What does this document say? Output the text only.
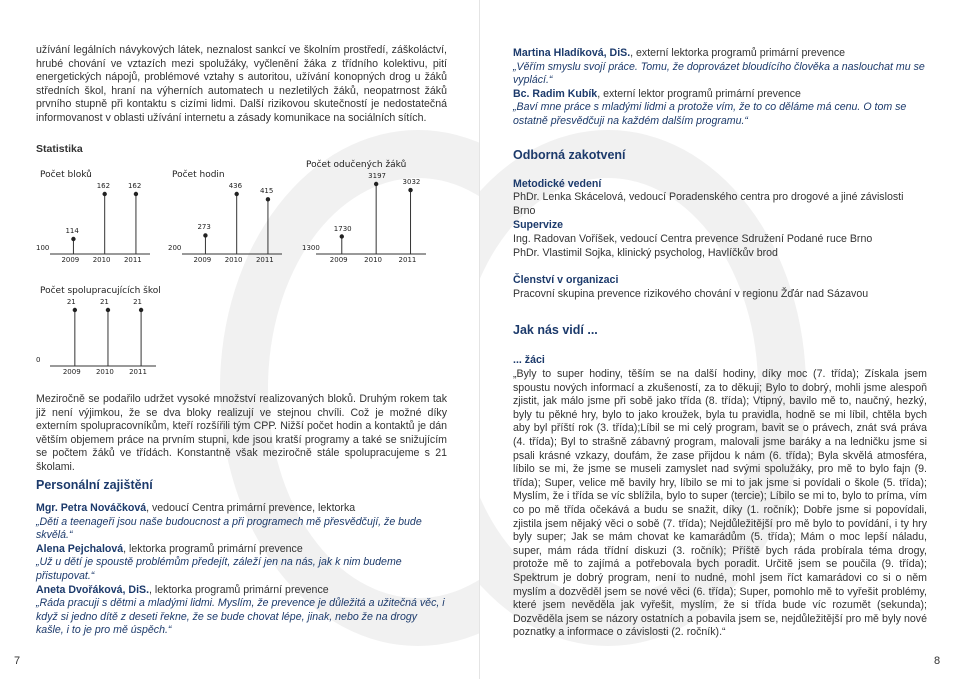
užívání legálních návykových látek, neznalost sankcí ve školním prostředí, záškoláctví, hrubé chování ve vztazích mezi spolužáky, vyčlenění žáka z třídního kolektivu, pití energetických nápojů, problémové vztahy s autoritou, užívání konopných drog u žáků středních škol, hraní na výherních automatech u nezletilých žáků, neopatrnost žáků prvního stupně při kontaktu s cizími lidmi. Další rizikovou skutečností je nedostatečná informovanost v oblasti užívání internetu a zásady komunikace na sociálních sítích.

Statistika
Počet bloků
100
114
2009
162
2010
162
2011
Počet hodin
200
273
2009
436
2010
415
2011
Počet odučených žáků
1300
1730
2009
3197
2010
3032
2011
Počet spolupracujících škol
0
21
2009
21
2010
21
2011

Meziročně se podařilo udržet vysoké množství realizovaných bloků. Druhým rokem tak již není výjimkou, že se dva bloky realizují ve stejnou chvíli. Což je možné díky externím spolupracovníkům, kteří rozšířili tým CPP. Nižší počet hodin a kontaktů je dán větším objemem práce na prvním stupni, kde jsou kratší programy a také se snižujícím se počtem žáků ve třídách. Konstantně však meziročně stále spolupracujeme s 21 školami.

Personální zajištění

Mgr. Petra Nováčková, vedoucí Centra primární prevence, lektorka

„Děti a teenageři jsou naše budoucnost a při programech mě přesvědčují, že bude skvělá.“

Alena Pejchalová, lektorka programů primární prevence

„Už u dětí je spoustě problémům předejít, záleží jen na nás, jak k nim budeme přistupovat.“

Aneta Dvořáková, DiS., lektorka programů primární prevence

„Ráda pracuji s dětmi a mladými lidmi. Myslím, že prevence je důležitá a užitečná věc, i když si jedno dítě z deseti řekne, že se bude chovat lépe, jinak, nebo že na drogy kašle, i to je pro mě úspěch.“

7

Martina Hladíková, DiS., externí lektorka programů primární prevence

„Věřím smyslu svojí práce. Tomu, že doprovázet bloudícího člověka a naslouchat mu se vyplácí.“

Bc. Radim Kubík, externí lektor programů primární prevence

„Baví mne práce s mladými lidmi a protože vím, že to co děláme má cenu. O tom se ostatně přesvědčuji na každém dalším programu.“

Odborná zakotvení
Metodické vedení
PhDr. Lenka Skácelová, vedoucí Poradenského centra pro drogové a jiné závislosti Brno
Supervize
Ing. Radovan Voříšek, vedoucí Centra prevence Sdružení Podané ruce Brno
PhDr. Vlastimil Sojka, klinický psycholog, Havlíčkův brod
Členství v organizaci
Pracovní skupina prevence rizikového chování v regionu Žďár nad Sázavou
Jak nás vidí ...
... žáci

„Byly to super hodiny, těším se na další hodiny, díky moc (7. třída); Získala jsem spoustu nových informací a zkušeností, za to děkuji; Bylo to dobrý, mohli jsme alespoň zjistit, jak málo jsme při sobě jako třída (8. třída); Vtipný, bavilo mě to, naučný, hezký, byly tu pěkné hry, bylo to jako kroužek, byla tu pravidla, hodně se mi líbil, chtěla bych aby byl příští rok (3. třída);Líbil se mi celý program, bavit se o právech, znát svá práva (4. třída); Byl to strašně zábavný program, malovali jsme baráky a na ledničku jsme si psali krásné vzkazy, doufám, že zase přijdou k nám (6. třída); Byla skvělá atmosféra, líbilo se mi, že jsme se museli zamyslet nad svými spolužáky, pro mě to bylo fajn (9. třída); Super, velice mě bavily hry, líbilo se mi to jak jsme si povídali o škole (5. třída); Myslím, že i třída se víc sblížila, bylo to super (tercie); Líbilo se mi to, bylo to príma, vím co po mě třída očekává a budu se snažit, díky (1. ročník); Dobře jsme si popovídali, zjistila jsem nějaký věci o sobě (7. třída); Nejdůležitější pro mě bylo to povídání, i ty hry byly super; Jak se mám chovat ke kamarádům (5. třída); Mám o moc lepší náladu, super, mám ráda třídní diskuzi (3. ročník); Příště bych ráda probírala téma drogy, protože mě to zajímá a potřebovala bych poradit. Určitě jsem se poučila (9. třída); Spektrum je dobrý program, není to nudné, mohl jsem říct kamarádovi co si o něm myslím a dozvěděl jsem se nové věci (6. třída); Super, pomohlo mě to vyřešit problémy, které jsem nevěděla jak vyřešit, myslím, že si třída bude víc rozumět (sekunda); Dozvěděla jsem se názory ostatních a pobavila jsem se, nejdůležitější pro mě byly nové poznatky a informace o závislosti (2. ročník).“

8
